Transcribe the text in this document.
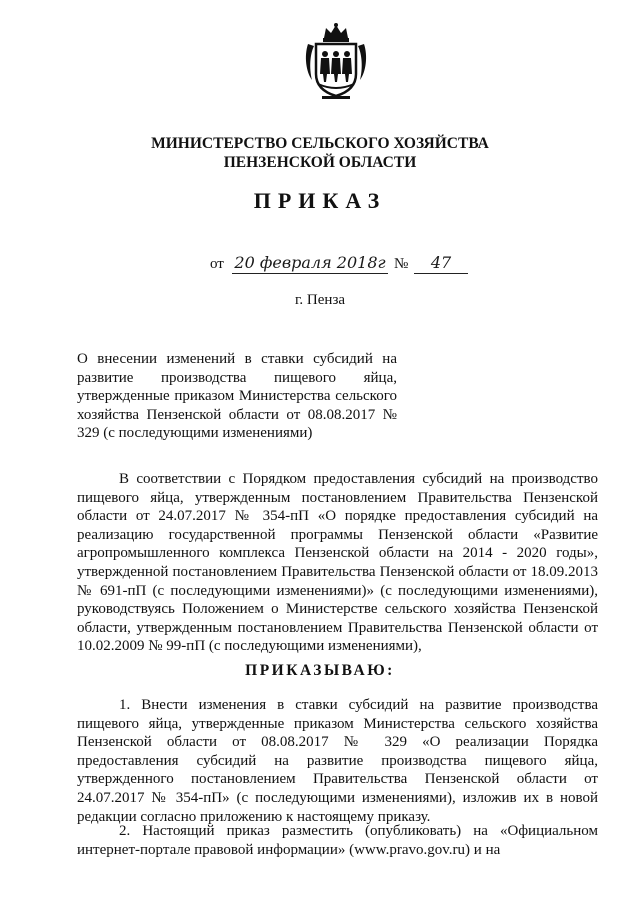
МИНИСТЕРСТВО СЕЛЬСКОГО ХОЗЯЙСТВА

ПЕНЗЕНСКОЙ ОБЛАСТИ

ПРИКАЗ

от 20 февраля 2018г №	47

г. Пенза

О внесении изменений в ставки субсидий на развитие производства пищевого яйца, утвержденные приказом Министерства сельского хозяйства Пензенской области от 08.08.2017 № 329 (с последующими изменениями)

В соответствии с Порядком предоставления субсидий на производство пищевого яйца, утвержденным постановлением Правительства Пензенской области от 24.07.2017 № 354-пП «О порядке предоставления субсидий на реализацию государственной программы Пензенской области «Развитие агропромышленного комплекса Пензенской области на 2014 - 2020 годы», утвержденной постановлением Правительства Пензенской области от 18.09.2013 № 691-пП (с последующими изменениями)» (с последующими изменениями), руководствуясь Положением о Министерстве сельского хозяйства Пензенской области, утвержденным постановлением Правительства Пензенской области от 10.02.2009 № 99-пП (с последующими изменениями),

ПРИКАЗЫВАЮ:

1. Внести изменения в ставки субсидий на развитие производства пищевого яйца, утвержденные приказом Министерства сельского хозяйства Пензенской области от 08.08.2017 № 329 «О реализации Порядка предоставления субсидий на развитие производства пищевого яйца, утвержденного постановлением Правительства Пензенской области от 24.07.2017 № 354-пП» (с последующими изменениями), изложив их в новой редакции согласно приложению к настоящему приказу.

2. Настоящий приказ разместить (опубликовать) на «Официальном интернет-портале правовой информации» (www.pravo.gov.ru) и на
